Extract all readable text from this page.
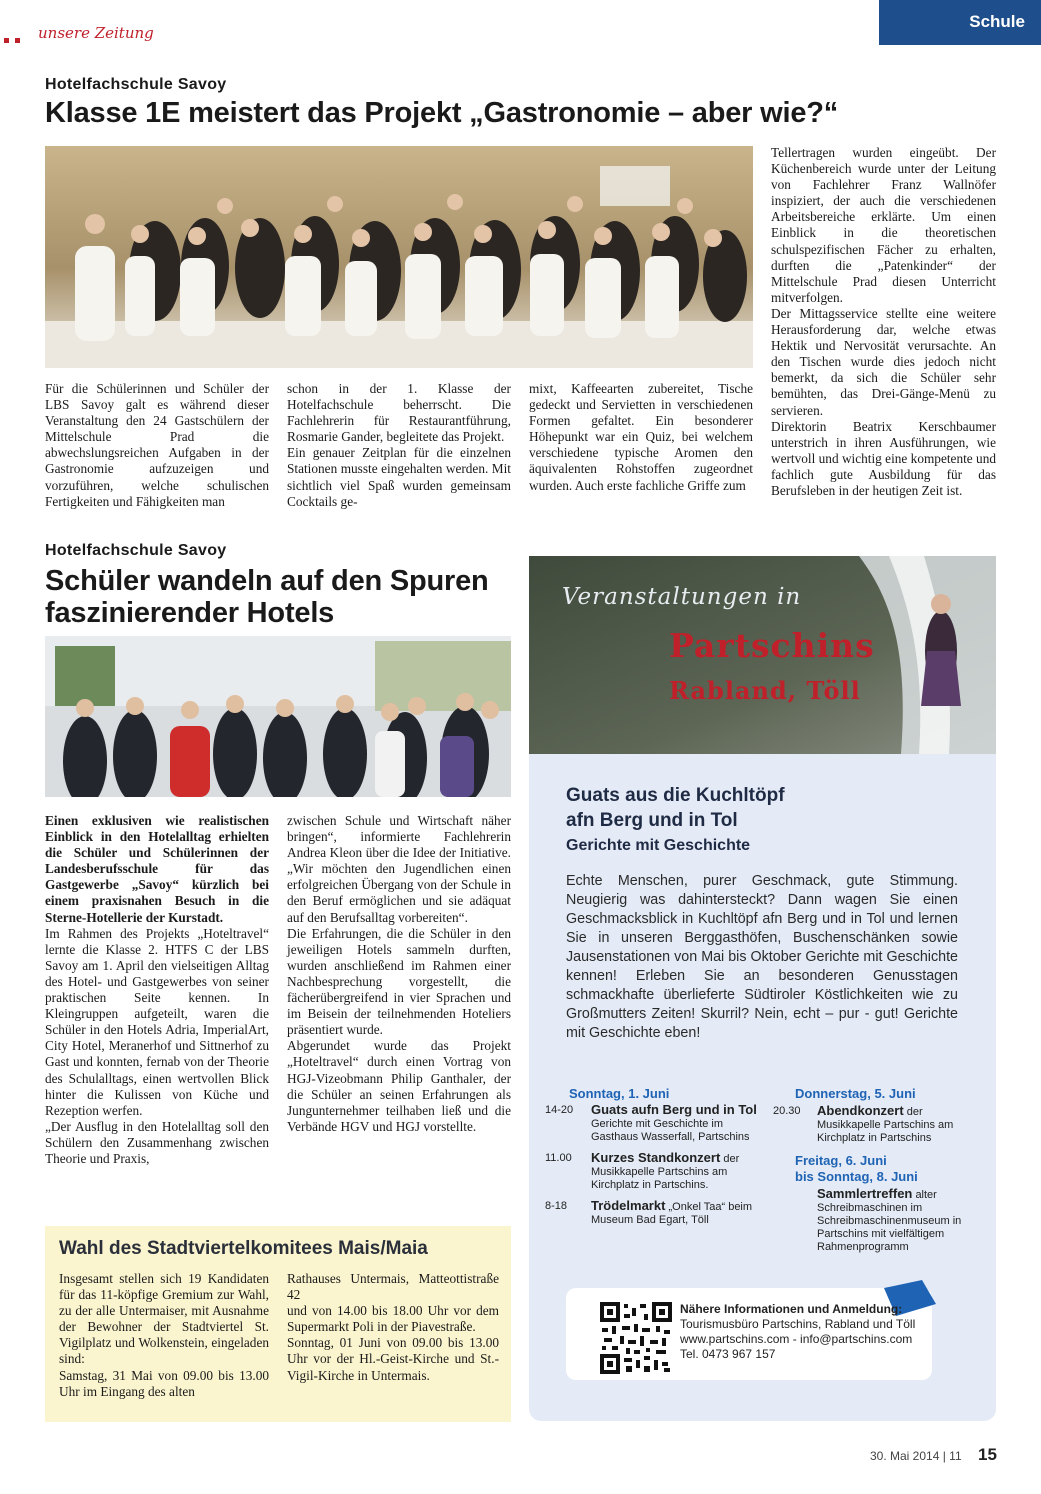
unsere Zeitung
Schule
Hotelfachschule Savoy
Klasse 1E meistert das Projekt „Gastronomie – aber wie?“
Tellertragen wurden eingeübt. Der Küchenbereich wurde unter der Leitung von Fachlehrer Franz Wallnöfer inspiziert, der auch die verschiedenen Arbeitsbereiche erklärte. Um einen Einblick in die theoretischen schulspezifischen Fächer zu erhalten, durften die „Patenkinder“ der Mittelschule Prad diesen Unterricht mitverfolgen.
Der Mittagsservice stellte eine weitere Herausforderung dar, welche etwas Hektik und Nervosität verursachte. An den Tischen wurde dies jedoch nicht bemerkt, da sich die Schüler sehr bemühten, das Drei-Gänge-Menü zu servieren.
Direktorin Beatrix Kerschbaumer unterstrich in ihren Ausführungen, wie wertvoll und wichtig eine kompetente und fachlich gute Ausbildung für das Berufsleben in der heutigen Zeit ist.
Für die Schülerinnen und Schüler der LBS Savoy galt es während dieser Veranstaltung den 24 Gastschülern der Mittelschule Prad die abwechslungsreichen Aufgaben in der Gastronomie aufzuzeigen und vorzuführen, welche schulischen Fertigkeiten und Fähigkeiten man
schon in der 1. Klasse der Hotelfachschule beherrscht. Die Fachlehrerin für Restaurantführung, Rosmarie Gander, begleitete das Projekt.
Ein genauer Zeitplan für die einzelnen Stationen musste eingehalten werden. Mit sichtlich viel Spaß wurden gemeinsam Cocktails ge-
mixt, Kaffeearten zubereitet, Tische gedeckt und Servietten in verschiedenen Formen gefaltet. Ein besonderer Höhepunkt war ein Quiz, bei welchem verschiedene typische Aromen den äquivalenten Rohstoffen zugeordnet wurden. Auch erste fachliche Griffe zum
Hotelfachschule Savoy
Schüler wandeln auf den Spuren
faszinierender Hotels
Einen exklusiven wie realistischen Einblick in den Hotelalltag erhielten die Schüler und Schülerinnen der Landesberufsschule für das Gastgewerbe „Savoy“ kürzlich bei einem praxisnahen Besuch in die Sterne-Hotellerie der Kurstadt.
Im Rahmen des Projekts „Hoteltravel“ lernte die Klasse 2. HTFS C der LBS Savoy am 1. April den vielseitigen Alltag des Hotel- und Gastgewerbes von seiner praktischen Seite kennen. In Kleingruppen aufgeteilt, waren die Schüler in den Hotels Adria, ImperialArt, City Hotel, Meranerhof und Sittnerhof zu Gast und konnten, fernab von der Theorie des Schulalltags, einen wertvollen Blick hinter die Kulissen von Küche und Rezeption werfen.
„Der Ausflug in den Hotelalltag soll den Schülern den Zusammenhang zwischen Theorie und Praxis,
zwischen Schule und Wirtschaft näher bringen“, informierte Fachlehrerin Andrea Kleon über die Idee der Initiative. „Wir möchten den Jugendlichen einen erfolgreichen Übergang von der Schule in den Beruf ermöglichen und sie adäquat auf den Berufsalltag vorbereiten“.
Die Erfahrungen, die die Schüler in den jeweiligen Hotels sammeln durften, wurden anschließend im Rahmen einer Nachbesprechung vorgestellt, die fächerübergreifend in vier Sprachen und im Beisein der teilnehmenden Hoteliers präsentiert wurde.
Abgerundet wurde das Projekt „Hoteltravel“ durch einen Vortrag von HGJ-Vizeobmann Philip Ganthaler, der die Schüler an seinen Erfahrungen als Jungunternehmer teilhaben ließ und die Verbände HGV und HGJ vorstellte.
Wahl des Stadtviertelkomitees Mais/Maia
Insgesamt stellen sich 19 Kandidaten für das 11-köpfige Gremium zur Wahl, zu der alle Untermaiser, mit Ausnahme der Bewohner der Stadtviertel St. Vigilplatz und Wolkenstein, eingeladen sind:
Samstag, 31 Mai von 09.00 bis 13.00 Uhr im Eingang des alten
Rathauses Untermais, Matteottistraße 42
und von 14.00 bis 18.00 Uhr vor dem Supermarkt Poli in der Piavestraße.
Sonntag, 01 Juni von 09.00 bis 13.00 Uhr vor der Hl.-Geist-Kirche und St.-Vigil-Kirche in Untermais.
Veranstaltungen in
Partschins
Rabland, Töll
Guats aus die Kuchltöpf
afn Berg und in Tol
Gerichte mit Geschichte
Echte Menschen, purer Geschmack, gute Stimmung. Neugierig was dahintersteckt? Dann wagen Sie einen Geschmacksblick in Kuchltöpf afn Berg und in Tol und lernen Sie in unseren Berggasthöfen, Buschenschänken sowie Jausenstationen von Mai bis Oktober Gerichte mit Geschichte kennen! Erleben Sie an besonderen Genusstagen schmackhafte überlieferte Südtiroler Köstlichkeiten wie zu Großmutters Zeiten! Skurril? Nein, echt – pur - gut! Gerichte mit Geschichte eben!
Sonntag, 1. Juni
14-20 Guats aufn Berg und in Tol
Gerichte mit Geschichte im Gasthaus Wasserfall, Partschins
11.00 Kurzes Standkonzert der Musikkapelle Partschins am Kirchplatz in Partschins.
8-18 Trödelmarkt „Onkel Taa“ beim Museum Bad Egart, Töll
Donnerstag, 5. Juni
20.30 Abendkonzert der Musikkapelle Partschins am Kirchplatz in Partschins
Freitag, 6. Juni
bis Sonntag, 8. Juni
Sammlertreffen alter Schreibmaschinen im Schreibmaschinenmuseum in Partschins mit vielfältigem Rahmenprogramm
Nähere Informationen und Anmeldung:
Tourismusbüro Partschins, Rabland und Töll
www.partschins.com - info@partschins.com
Tel. 0473 967 157
30. Mai 2014 | 11 15
